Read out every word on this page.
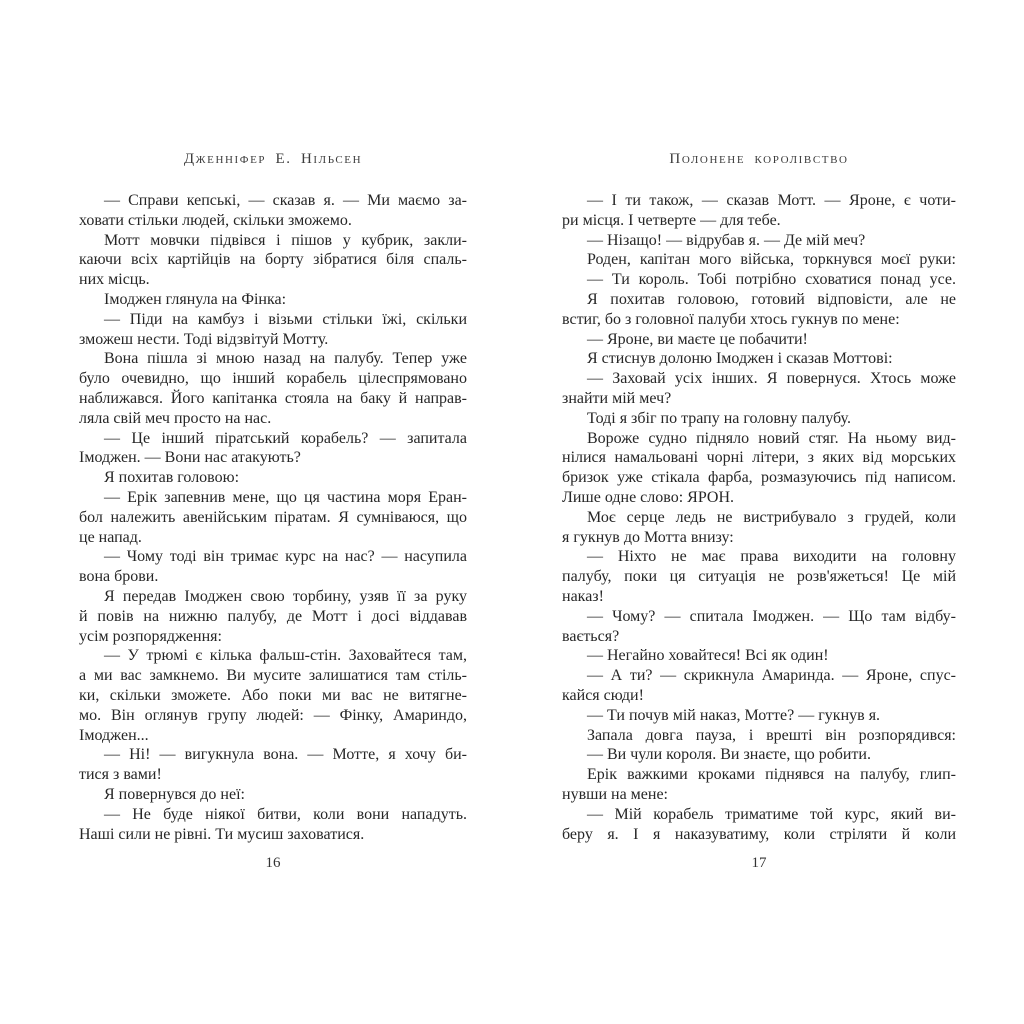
Дженніфер Е. Нільсен
— Справи кепські, — сказав я. — Ми маємо за-
ховати стільки людей, скільки зможемо.
Мотт мовчки підвівся і пішов у кубрик, закли-
каючи всіх картійців на борту зібратися біля спаль-
них місць.
Імоджен глянула на Фінка:
— Піди на камбуз і візьми стільки їжі, скільки
зможеш нести. Тоді відзвітуй Мотту.
Вона пішла зі мною назад на палубу. Тепер уже
було очевидно, що інший корабель цілеспрямовано
наближався. Його капітанка стояла на баку й направ-
ляла свій меч просто на нас.
— Це інший піратський корабель? — запитала
Імоджен. — Вони нас атакують?
Я похитав головою:
— Ерік запевнив мене, що ця частина моря Еран-
бол належить авенійським піратам. Я сумніваюся, що
це напад.
— Чому тоді він тримає курс на нас? — насупила
вона брови.
Я передав Імоджен свою торбину, узяв її за руку
й повів на нижню палубу, де Мотт і досі віддавав
усім розпорядження:
— У трюмі є кілька фальш-стін. Заховайтеся там,
а ми вас замкнемо. Ви мусите залишатися там стіль-
ки, скільки зможете. Або поки ми вас не витягне-
мо. Він оглянув групу людей: — Фінку, Амариндо,
Імоджен...
— Ні! — вигукнула вона. — Мотте, я хочу би-
тися з вами!
Я повернувся до неї:
— Не буде ніякої битви, коли вони нападуть.
Наші сили не рівні. Ти мусиш заховатися.
16
Полонене королівство
— І ти також, — сказав Мотт. — Яроне, є чоти-
ри місця. І четверте — для тебе.
— Нізащо! — відрубав я. — Де мій меч?
Роден, капітан мого війська, торкнувся моєї руки:
— Ти король. Тобі потрібно сховатися понад усе.
Я похитав головою, готовий відповісти, але не
встиг, бо з головної палуби хтось гукнув по мене:
— Яроне, ви маєте це побачити!
Я стиснув долоню Імоджен і сказав Моттові:
— Заховай усіх інших. Я повернуся. Хтось може
знайти мій меч?
Тоді я збіг по трапу на головну палубу.
Вороже судно підняло новий стяг. На ньому вид-
нілися намальовані чорні літери, з яких від морських
бризок уже стікала фарба, розмазуючись під написом.
Лише одне слово: ЯРОН.
Моє серце ледь не вистрибувало з грудей, коли
я гукнув до Мотта внизу:
— Ніхто не має права виходити на головну
палубу, поки ця ситуація не розв'яжеться! Це мій
наказ!
— Чому? — спитала Імоджен. — Що там відбу-
вається?
— Негайно ховайтеся! Всі як один!
— А ти? — скрикнула Амаринда. — Яроне, спус-
кайся сюди!
— Ти почув мій наказ, Мотте? — гукнув я.
Запала довга пауза, і врешті він розпорядився:
— Ви чули короля. Ви знаєте, що робити.
Ерік важкими кроками піднявся на палубу, глип-
нувши на мене:
— Мій корабель триматиме той курс, який ви-
беру я. І я наказуватиму, коли стріляти й коли
17
